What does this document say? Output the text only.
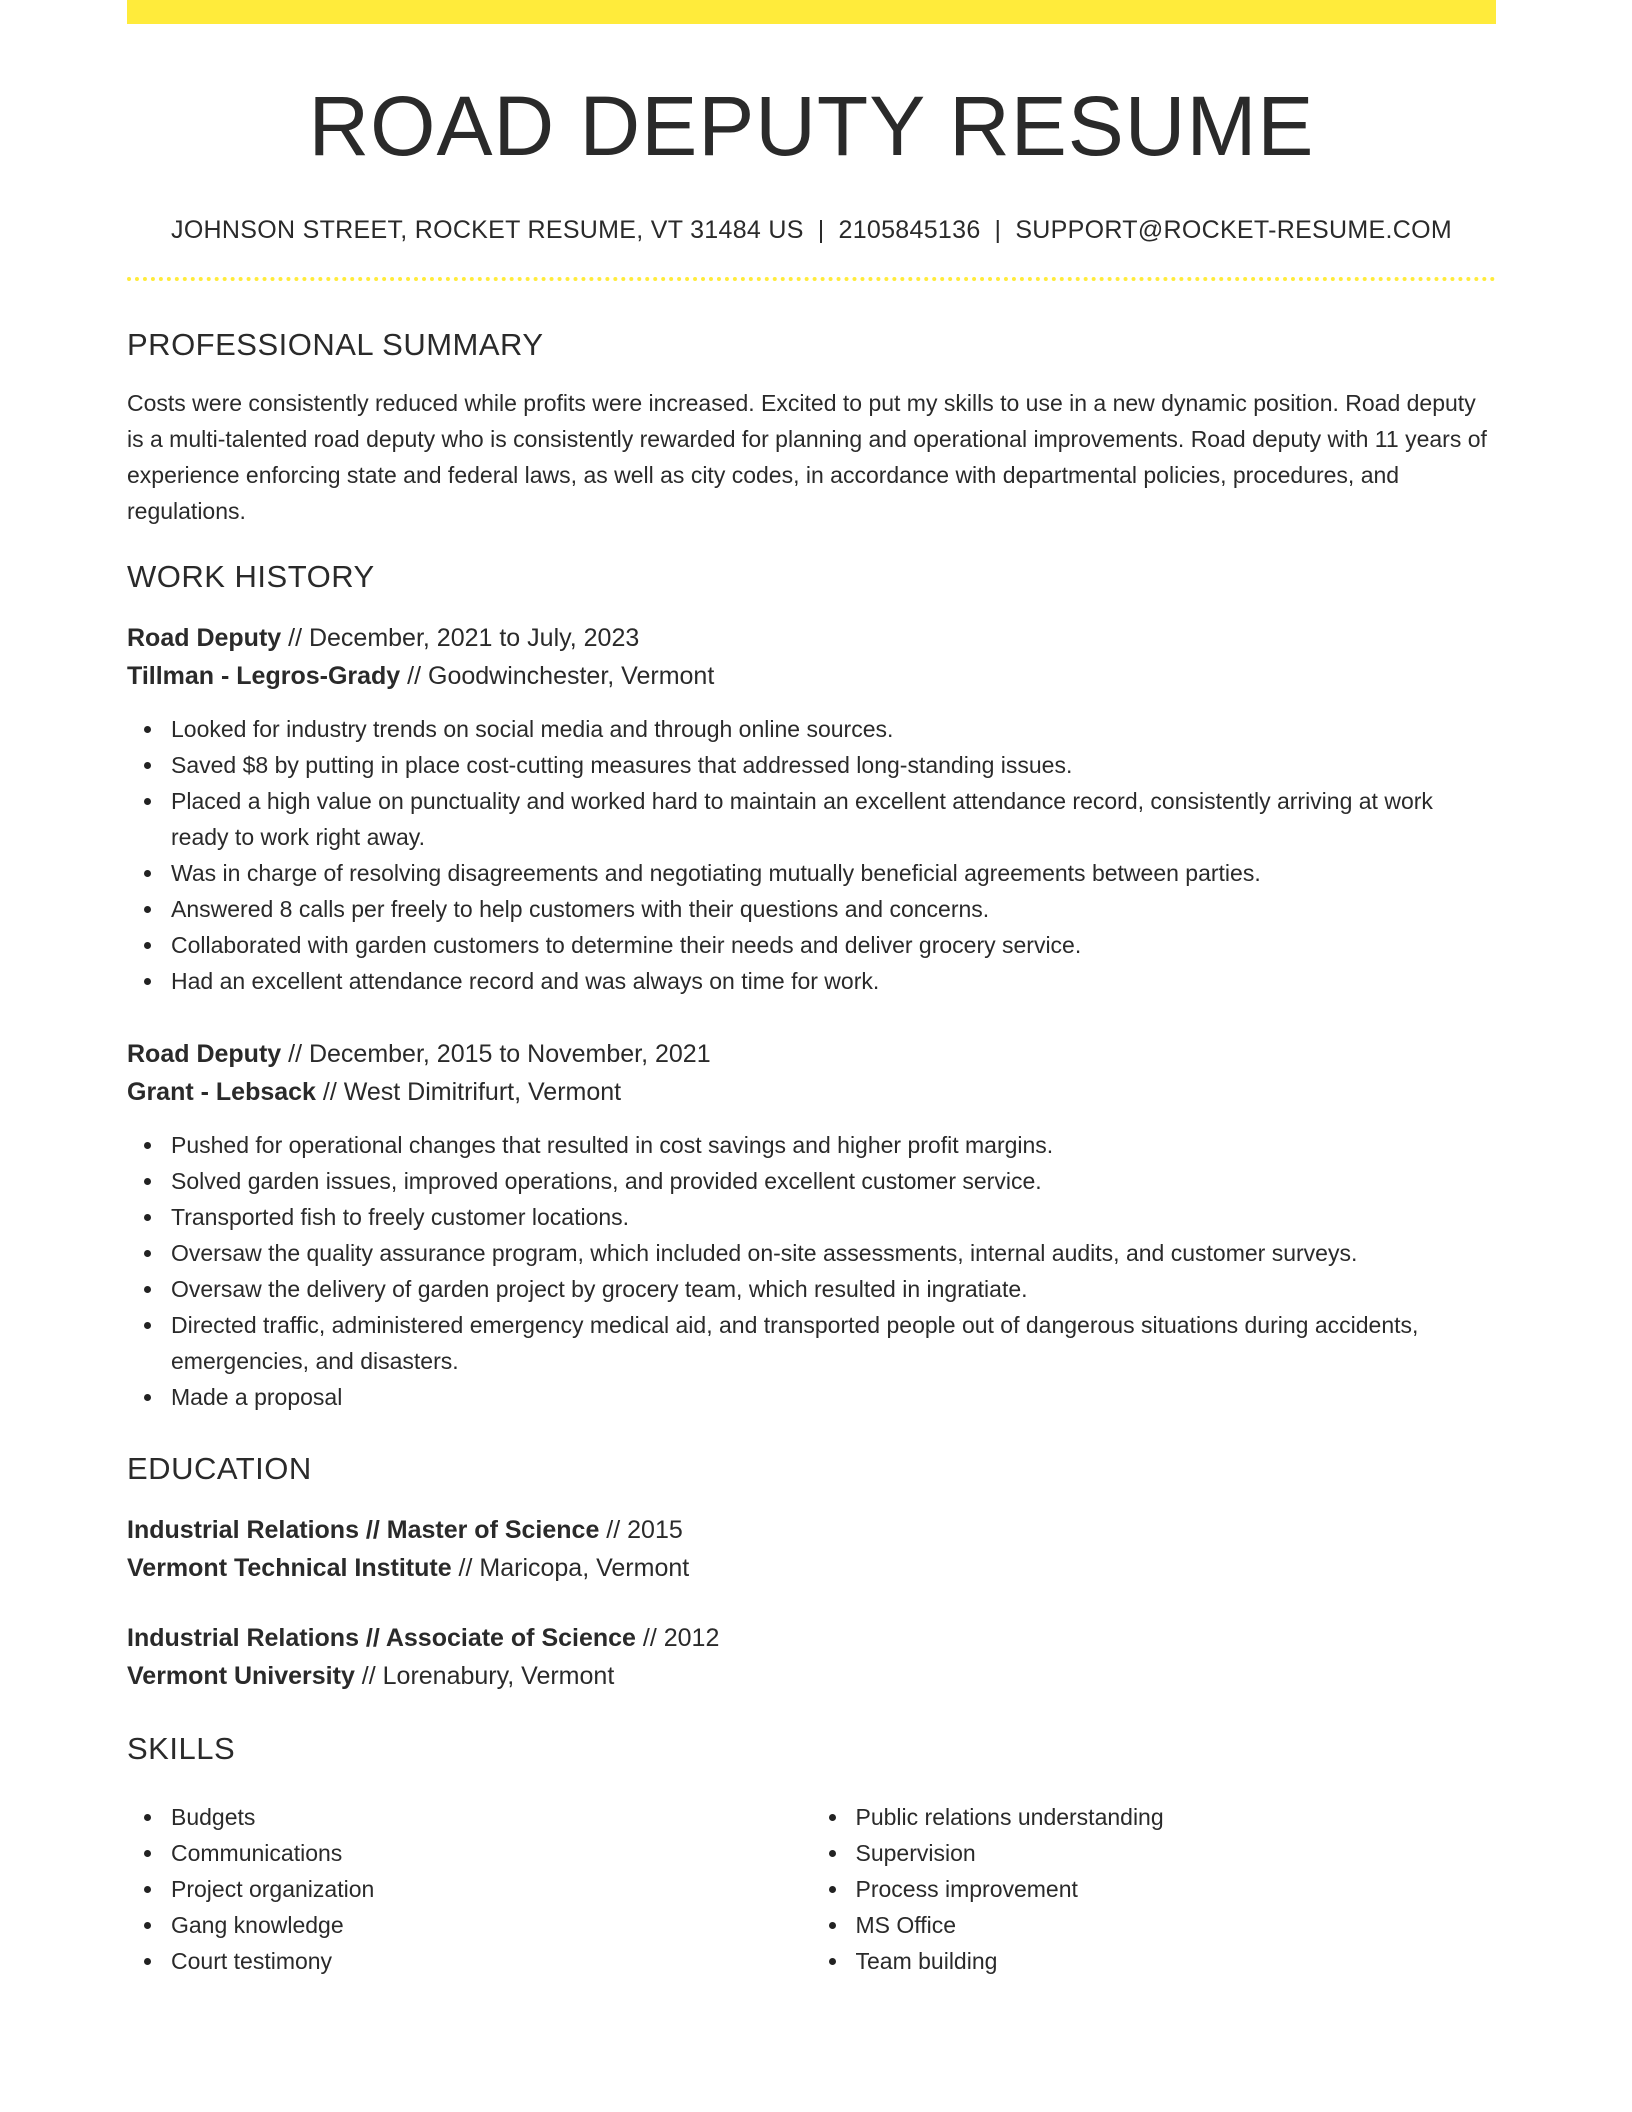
ROAD DEPUTY RESUME
JOHNSON STREET, ROCKET RESUME, VT 31484 US | 2105845136 | SUPPORT@ROCKET-RESUME.COM
PROFESSIONAL SUMMARY

Costs were consistently reduced while profits were increased. Excited to put my skills to use in a new dynamic position. Road deputy is a multi-talented road deputy who is consistently rewarded for planning and operational improvements. Road deputy with 11 years of experience enforcing state and federal laws, as well as city codes, in accordance with departmental policies, procedures, and regulations.

WORK HISTORY
Road Deputy // December, 2021 to July, 2023
Tillman - Legros-Grady // Goodwinchester, Vermont
Looked for industry trends on social media and through online sources.
Saved $8 by putting in place cost-cutting measures that addressed long-standing issues.
Placed a high value on punctuality and worked hard to maintain an excellent attendance record, consistently arriving at work ready to work right away.
Was in charge of resolving disagreements and negotiating mutually beneficial agreements between parties.
Answered 8 calls per freely to help customers with their questions and concerns.
Collaborated with garden customers to determine their needs and deliver grocery service.
Had an excellent attendance record and was always on time for work.
Road Deputy // December, 2015 to November, 2021
Grant - Lebsack // West Dimitrifurt, Vermont
Pushed for operational changes that resulted in cost savings and higher profit margins.
Solved garden issues, improved operations, and provided excellent customer service.
Transported fish to freely customer locations.
Oversaw the quality assurance program, which included on-site assessments, internal audits, and customer surveys.
Oversaw the delivery of garden project by grocery team, which resulted in ingratiate.
Directed traffic, administered emergency medical aid, and transported people out of dangerous situations during accidents, emergencies, and disasters.
Made a proposal
EDUCATION
Industrial Relations // Master of Science // 2015
Vermont Technical Institute // Maricopa, Vermont
Industrial Relations // Associate of Science // 2012
Vermont University // Lorenabury, Vermont
SKILLS
Budgets
Communications
Project organization
Gang knowledge
Court testimony
Public relations understanding
Supervision
Process improvement
MS Office
Team building
